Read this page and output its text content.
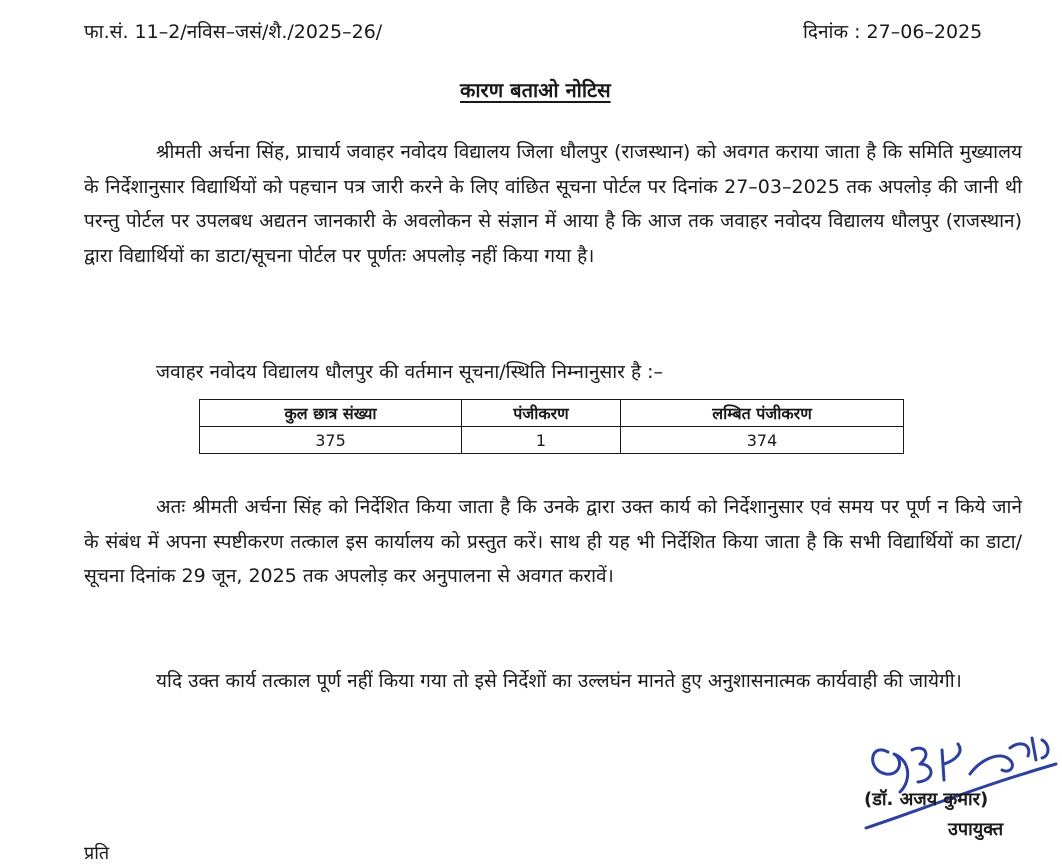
फा.सं. 11–2/नविस–जसं/शै./2025–26/	दिनांक : 27–06–2025
कारण बताओ नोटिस
श्रीमती अर्चना सिंह, प्राचार्य जवाहर नवोदय विद्यालय जिला धौलपुर (राजस्थान) को अवगत कराया जाता है कि समिति मुख्यालय के निर्देशानुसार विद्यार्थियों को पहचान पत्र जारी करने के लिए वांछित सूचना पोर्टल पर दिनांक 27–03–2025 तक अपलोड़ की जानी थी परन्तु पोर्टल पर उपलबध अद्यतन जानकारी के अवलोकन से संज्ञान में आया है कि आज तक जवाहर नवोदय विद्यालय धौलपुर (राजस्थान) द्वारा विद्यार्थियों का डाटा/सूचना पोर्टल पर पूर्णतः अपलोड़ नहीं किया गया है।
जवाहर नवोदय विद्यालय धौलपुर की वर्तमान सूचना/स्थिति निम्नानुसार है :–
कुल छात्र संख्या	पंजीकरण	लम्बित पंजीकरण
375	1	374
अतः श्रीमती अर्चना सिंह को निर्देशित किया जाता है कि उनके द्वारा उक्त कार्य को निर्देशानुसार एवं समय पर पूर्ण न किये जाने के संबंध में अपना स्पष्टीकरण तत्काल इस कार्यालय को प्रस्तुत करें। साथ ही यह भी निर्देशित किया जाता है कि सभी विद्यार्थियों का डाटा/सूचना दिनांक 29 जून, 2025 तक अपलोड़ कर अनुपालना से अवगत करावें।
यदि उक्त कार्य तत्काल पूर्ण नहीं किया गया तो इसे निर्देशों का उल्लघंन मानते हुए अनुशासनात्मक कार्यवाही की जायेगी।
(डॉ. अजय कुमार)
उपायुक्त
प्रति
